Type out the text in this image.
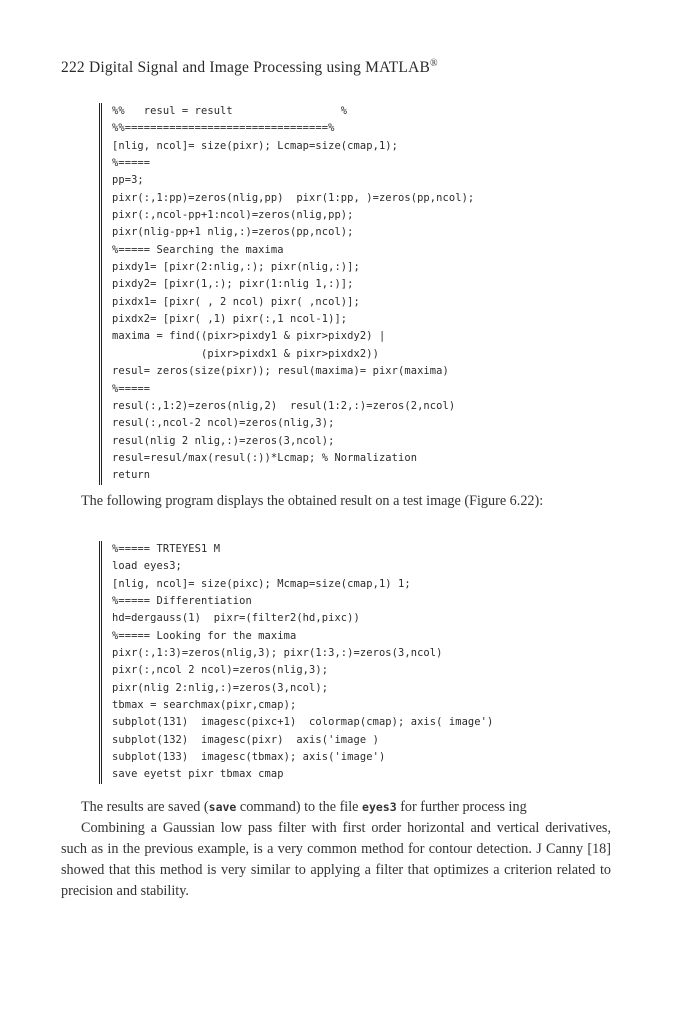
222 Digital Signal and Image Processing using MATLAB®
%%   resul = result                 %
%%================================%
[nlig, ncol]= size(pixr); Lcmap=size(cmap,1);
%=====
pp=3;
pixr(:,1:pp)=zeros(nlig,pp)  pixr(1:pp, )=zeros(pp,ncol);
pixr(:,ncol-pp+1:ncol)=zeros(nlig,pp);
pixr(nlig-pp+1 nlig,:)=zeros(pp,ncol);
%===== Searching the maxima
pixdy1= [pixr(2:nlig,:); pixr(nlig,:)];
pixdy2= [pixr(1,:); pixr(1:nlig 1,:)];
pixdx1= [pixr( , 2 ncol) pixr( ,ncol)];
pixdx2= [pixr( ,1) pixr(:,1 ncol-1)];
maxima = find((pixr>pixdy1 & pixr>pixdy2) |
(pixr>pixdx1 & pixr>pixdx2))
resul= zeros(size(pixr)); resul(maxima)= pixr(maxima)
%=====
resul(:,1:2)=zeros(nlig,2)  resul(1:2,:)=zeros(2,ncol)
resul(:,ncol-2 ncol)=zeros(nlig,3);
resul(nlig 2 nlig,:)=zeros(3,ncol);
resul=resul/max(resul(:))*Lcmap; % Normalization
return

The following program displays the obtained result on a test image (Figure 6.22):

%===== TRTEYES1 M
load eyes3;
[nlig, ncol]= size(pixc); Mcmap=size(cmap,1) 1;
%===== Differentiation
hd=dergauss(1)  pixr=(filter2(hd,pixc))
%===== Looking for the maxima
pixr(:,1:3)=zeros(nlig,3); pixr(1:3,:)=zeros(3,ncol)
pixr(:,ncol 2 ncol)=zeros(nlig,3);
pixr(nlig 2:nlig,:)=zeros(3,ncol);
tbmax = searchmax(pixr,cmap);
subplot(131)  imagesc(pixc+1)  colormap(cmap); axis( image')
subplot(132)  imagesc(pixr)  axis('image )
subplot(133)  imagesc(tbmax); axis('image')
save eyetst pixr tbmax cmap

The results are saved (save command) to the file eyes3 for further process ing

Combining a Gaussian low pass filter with first order horizontal and vertical derivatives, such as in the previous example, is a very common method for contour detection. J Canny [18] showed that this method is very similar to applying a filter that optimizes a criterion related to precision and stability.
